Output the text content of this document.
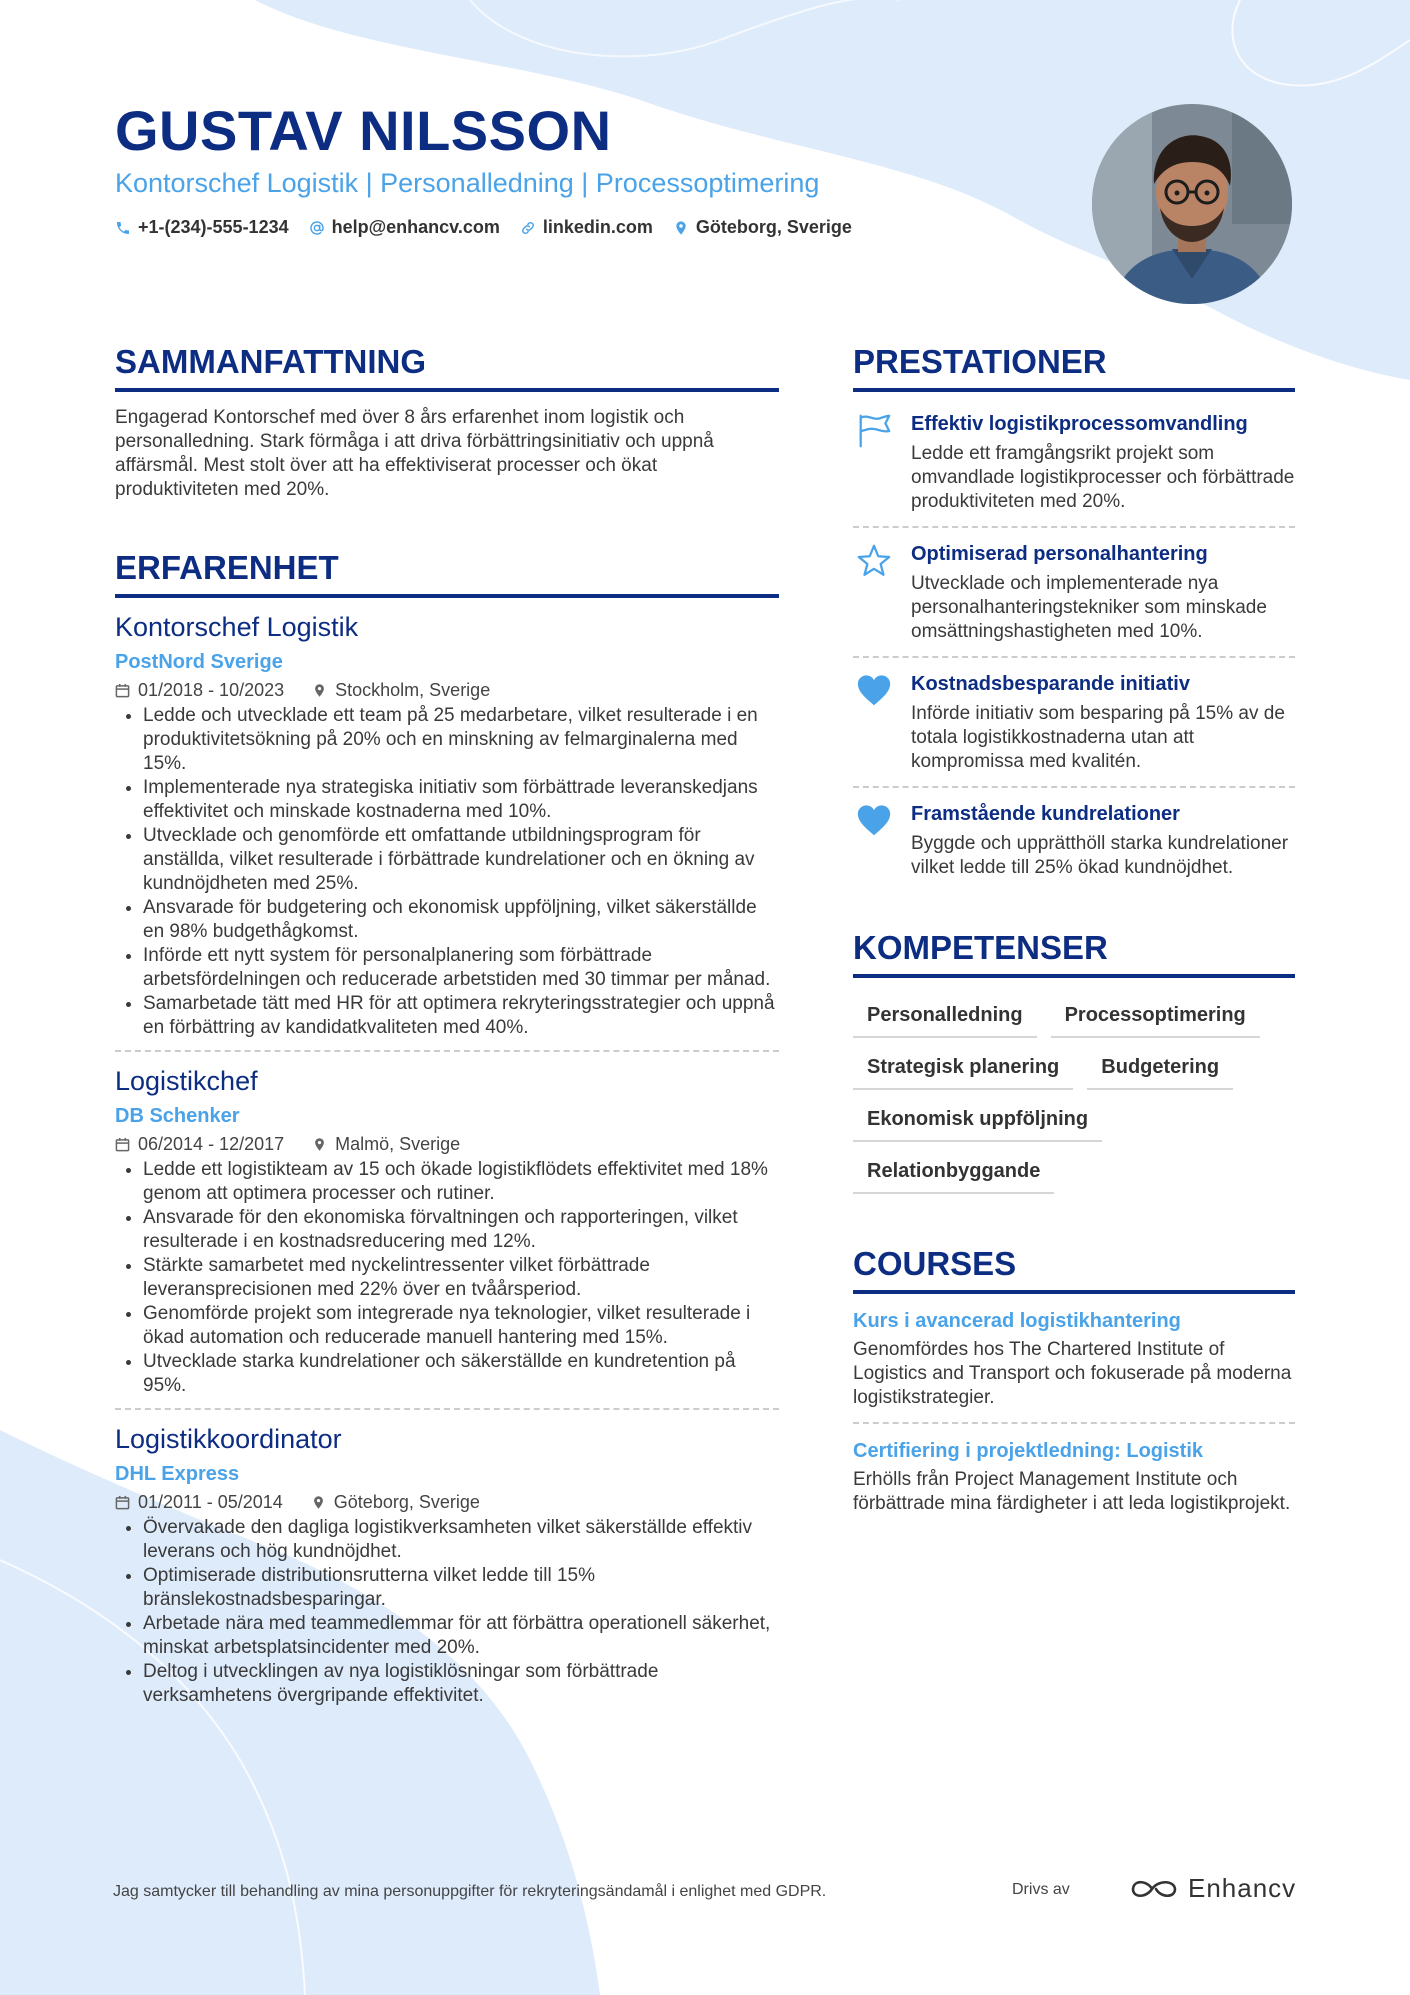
GUSTAV NILSSON
Kontorschef Logistik | Personalledning | Processoptimering
+1-(234)-555-1234 help@enhancv.com linkedin.com Göteborg, Sverige
SAMMANFATTNING

Engagerad Kontorschef med över 8 års erfarenhet inom logistik och personalledning. Stark förmåga i att driva förbättringsinitiativ och uppnå affärsmål. Mest stolt över att ha effektiviserat processer och ökat produktiviteten med 20%.

ERFARENHET
Kontorschef Logistik
PostNord Sverige
01/2018 - 10/2023	Stockholm, Sverige
• Ledde och utvecklade ett team på 25 medarbetare, vilket resulterade i en produktivitetsökning på 20% och en minskning av felmarginalerna med 15%.
• Implementerade nya strategiska initiativ som förbättrade leveranskedjans effektivitet och minskade kostnaderna med 10%.
• Utvecklade och genomförde ett omfattande utbildningsprogram för anställda, vilket resulterade i förbättrade kundrelationer och en ökning av kundnöjdheten med 25%.
• Ansvarade för budgetering och ekonomisk uppföljning, vilket säkerställde en 98% budgethågkomst.
• Införde ett nytt system för personalplanering som förbättrade arbetsfördelningen och reducerade arbetstiden med 30 timmar per månad.
• Samarbetade tätt med HR för att optimera rekryteringsstrategier och uppnå en förbättring av kandidatkvaliteten med 40%.
Logistikchef
DB Schenker
06/2014 - 12/2017	Malmö, Sverige
• Ledde ett logistikteam av 15 och ökade logistikflödets effektivitet med 18% genom att optimera processer och rutiner.
• Ansvarade för den ekonomiska förvaltningen och rapporteringen, vilket resulterade i en kostnadsreducering med 12%.
• Stärkte samarbetet med nyckelintressenter vilket förbättrade leveransprecisionen med 22% över en tvåårsperiod.
• Genomförde projekt som integrerade nya teknologier, vilket resulterade i ökad automation och reducerade manuell hantering med 15%.
• Utvecklade starka kundrelationer och säkerställde en kundretention på 95%.
Logistikkoordinator
DHL Express
01/2011 - 05/2014	Göteborg, Sverige
• Övervakade den dagliga logistikverksamheten vilket säkerställde effektiv leverans och hög kundnöjdhet.
• Optimiserade distributionsrutterna vilket ledde till 15% bränslekostnadsbesparingar.
• Arbetade nära med teammedlemmar för att förbättra operationell säkerhet, minskat arbetsplatsincidenter med 20%.
• Deltog i utvecklingen av nya logistiklösningar som förbättrade verksamhetens övergripande effektivitet.
PRESTATIONER
Effektiv logistikprocessomvandling
Ledde ett framgångsrikt projekt som omvandlade logistikprocesser och förbättrade produktiviteten med 20%.
Optimiserad personalhantering
Utvecklade och implementerade nya personalhanteringstekniker som minskade omsättningshastigheten med 10%.
Kostnadsbesparande initiativ
Införde initiativ som besparing på 15% av de totala logistikkostnaderna utan att kompromissa med kvalitén.
Framstående kundrelationer
Byggde och upprätthöll starka kundrelationer vilket ledde till 25% ökad kundnöjdhet.
KOMPETENSER
Personalledning	Processoptimering
Strategisk planering	Budgetering
Ekonomisk uppföljning
Relationbyggande
COURSES
Kurs i avancerad logistikhantering
Genomfördes hos The Chartered Institute of Logistics and Transport och fokuserade på moderna logistikstrategier.
Certifiering i projektledning: Logistik
Erhölls från Project Management Institute och förbättrade mina färdigheter i att leda logistikprojekt.
Jag samtycker till behandling av mina personuppgifter för rekryteringsändamål i enlighet med GDPR.	Drivs av	Enhancv
